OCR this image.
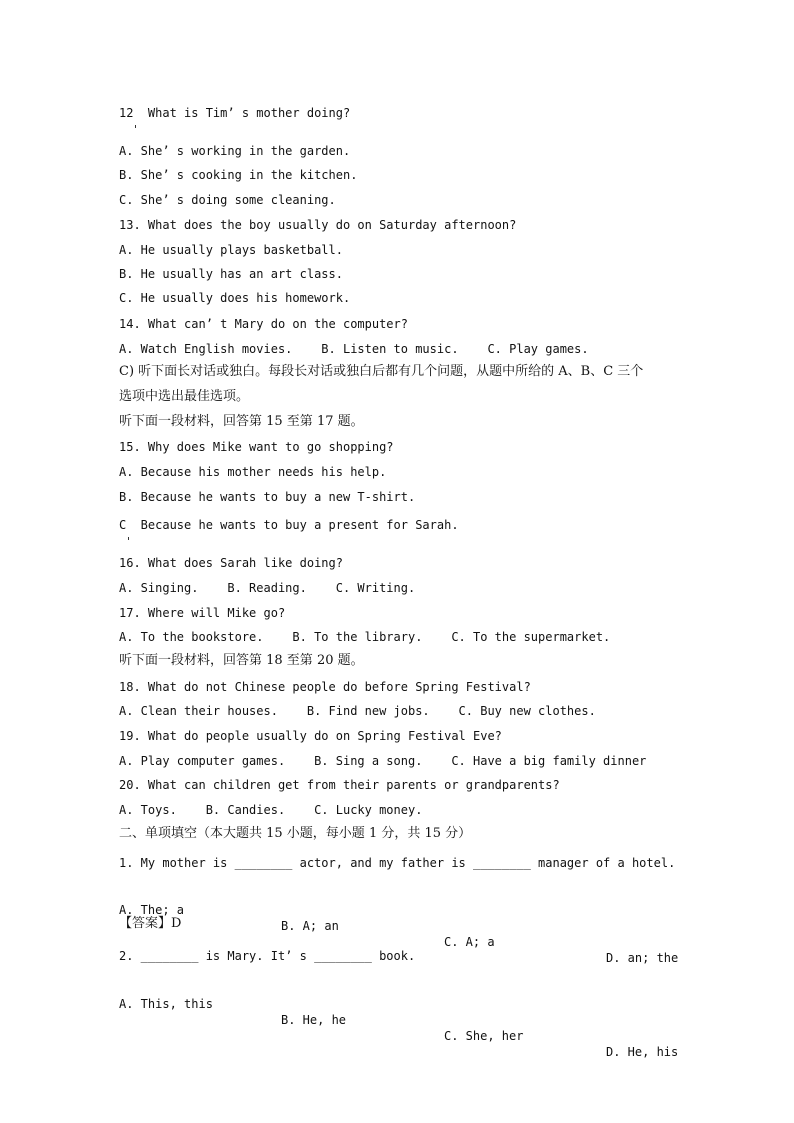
12  What is Tim’ s mother doing?
A. She’ s working in the garden.
B. She’ s cooking in the kitchen.
C. She’ s doing some cleaning.
13. What does the boy usually do on Saturday afternoon?
A. He usually plays basketball.
B. He usually has an art class.
C. He usually does his homework.
14. What can’ t Mary do on the computer?
A. Watch English movies.    B. Listen to music.    C. Play games.
C) 听下面长对话或独白。每段长对话或独白后都有几个问题，从题中所给的 A、B、C 三个
选项中选出最佳选项。
听下面一段材料，回答第 15 至第 17 题。
15. Why does Mike want to go shopping?
A. Because his mother needs his help.
B. Because he wants to buy a new T-shirt.
C  Because he wants to buy a present for Sarah.
16. What does Sarah like doing?
A. Singing.    B. Reading.    C. Writing.
17. Where will Mike go?
A. To the bookstore.    B. To the library.    C. To the supermarket.
听下面一段材料，回答第 18 至第 20 题。
18. What do not Chinese people do before Spring Festival?
A. Clean their houses.    B. Find new jobs.    C. Buy new clothes.
19. What do people usually do on Spring Festival Eve?
A. Play computer games.    B. Sing a song.    C. Have a big family dinner
20. What can children get from their parents or grandparents?
A. Toys.    B. Candies.    C. Lucky money.
二、单项填空（本大题共 15 小题，每小题 1 分，共 15 分）
1. My mother is ________ actor, and my father is ________ manager of a hotel.

A. The; a

B. A; an

C. A; a

D. an; the

【答案】D
2. ________ is Mary. It’ s ________ book.

A. This, this

B. He, he

C. She, her

D. He, his
